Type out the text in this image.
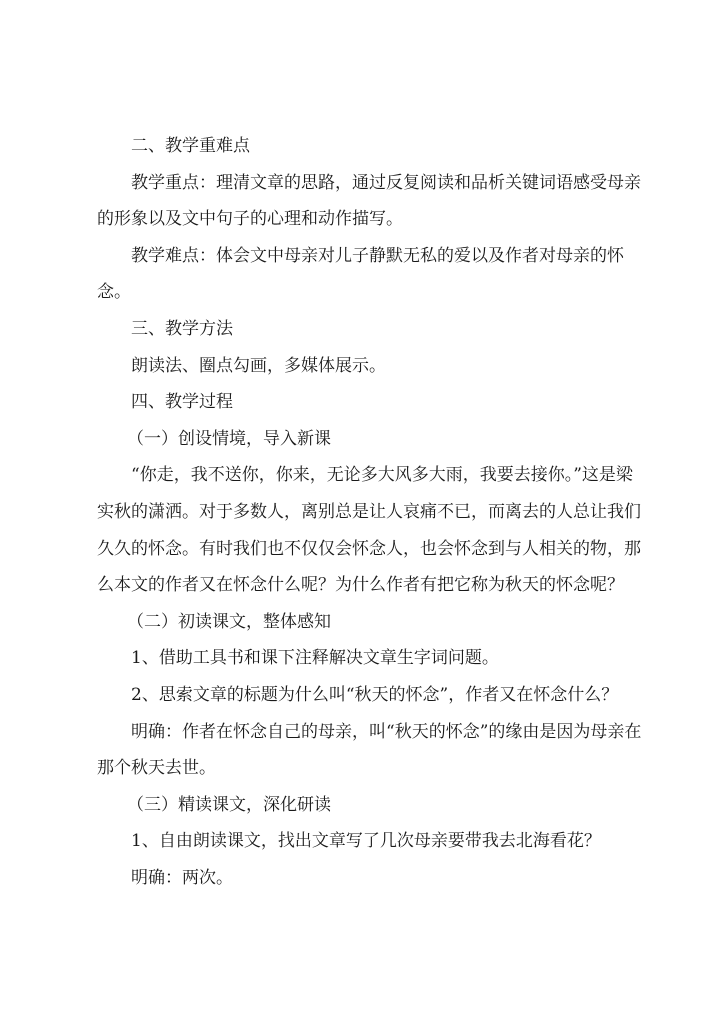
二、教学重难点

教学重点：理清文章的思路，通过反复阅读和品析关键词语感受母亲的形象以及文中句子的心理和动作描写。

教学难点：体会文中母亲对儿子静默无私的爱以及作者对母亲的怀念。

三、教学方法

朗读法、圈点勾画，多媒体展示。

四、教学过程

（一）创设情境，导入新课

“你走，我不送你，你来，无论多大风多大雨，我要去接你。”这是梁实秋的潇洒。对于多数人，离别总是让人哀痛不已，而离去的人总让我们久久的怀念。有时我们也不仅仅会怀念人，也会怀念到与人相关的物，那么本文的作者又在怀念什么呢？为什么作者有把它称为秋天的怀念呢？

（二）初读课文，整体感知

1、借助工具书和课下注释解决文章生字词问题。

2、思索文章的标题为什么叫“秋天的怀念”，作者又在怀念什么？

明确：作者在怀念自己的母亲，叫“秋天的怀念”的缘由是因为母亲在那个秋天去世。

（三）精读课文，深化研读

1、自由朗读课文，找出文章写了几次母亲要带我去北海看花？

明确：两次。
